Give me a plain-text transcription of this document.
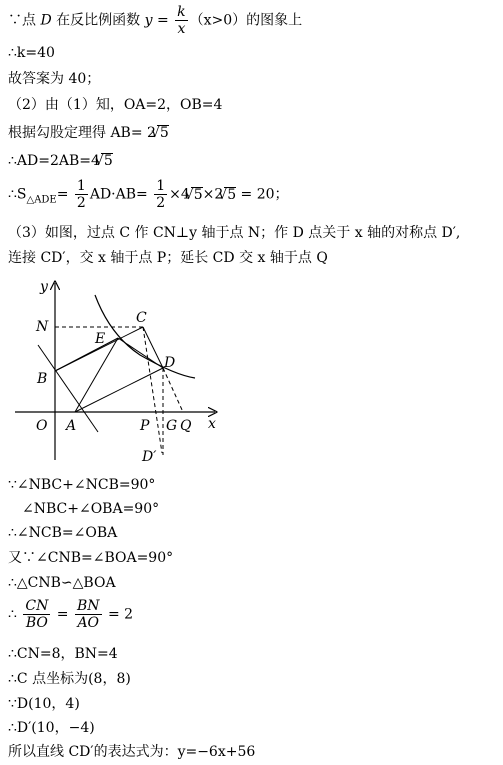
∵点 D 在反比例函数 $y = \frac{k}{x} (x>0)$的图象上
∴k=40
故答案为 40；
（2）由（1）知，OA=2，OB=4
根据勾股定理得 AB= 2√ 5
∴AD=2AB=4√ 5
$\therefore S_{\triangle ADE}= \frac{1}{2} AD\cdot AB= \frac{1}{2} \times 4√$ 5×2√ 5 = 20；
（3）如图，过点 C 作 CN⊥y 轴于点 N；作 D 点关于 x 轴的对称点 D′,
连接 CD′，交 x 轴于点 P；延长 CD 交 x 轴于点 Q
y
N
C
E
D
B
O A	P G Q x
D′
∵∠NBC+∠NCB=90°
∠NBC+∠OBA=90°
∴∠NCB=∠OBA
又∵∠CNB=∠BOA=90°
∴△CNB∽△BOA
∴ $\frac{CN}{BO} = \frac{BN}{AO} = 2$
∴CN=8，BN=4
∴C 点坐标为(8，8)
∵D(10，4)
∴D′(10，−4)
所以直线 CD′的表达式为：y=−6x+56
